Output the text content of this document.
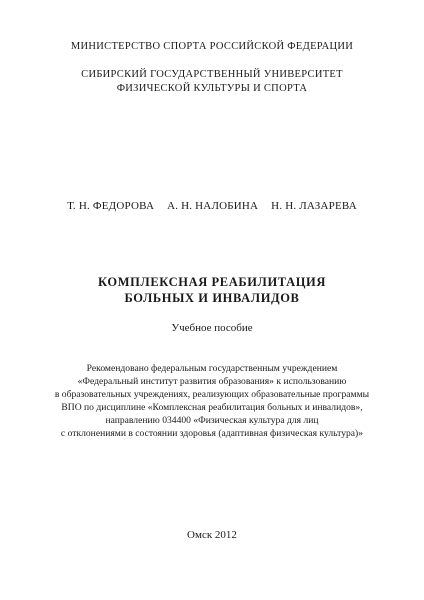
МИНИСТЕРСТВО СПОРТА РОССИЙСКОЙ ФЕДЕРАЦИИ
СИБИРСКИЙ ГОСУДАРСТВЕННЫЙ УНИВЕРСИТЕТ
ФИЗИЧЕСКОЙ КУЛЬТУРЫ И СПОРТА
Т. Н. ФЕДОРОВА А. Н. НАЛОБИНА Н. Н. ЛАЗАРЕВА
КОМПЛЕКСНАЯ РЕАБИЛИТАЦИЯ
БОЛЬНЫХ И ИНВАЛИДОВ
Учебное пособие
Рекомендовано федеральным государственным учреждением
«Федеральный институт развития образования» к использованию
в образовательных учреждениях, реализующих образовательные программы
ВПО по дисциплине «Комплексная реабилитация больных и инвалидов»,
направлению 034400 «Физическая культура для лиц
с отклонениями в состоянии здоровья (адаптивная физическая культура)»
Омск 2012
